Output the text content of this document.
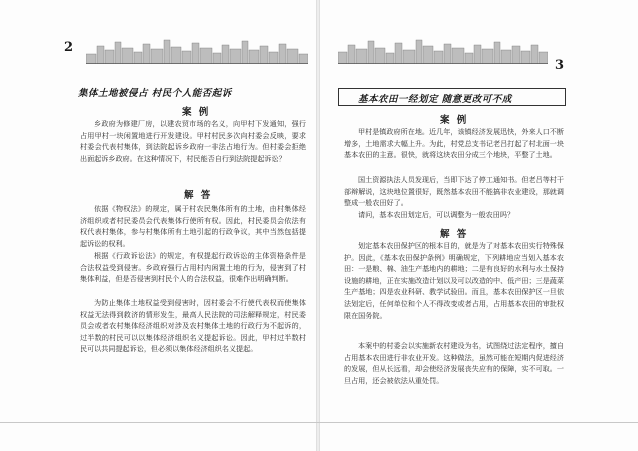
2
集体土地被侵占 村民个人能否起诉
案 例
乡政府为修建厂房，以建农贸市场的名义，向甲村下发通知，强行占用甲村一块闲置地进行开发建设。甲村村民多次向村委会反映，要求村委会代表村集体，到法院起诉乡政府一非法占地行为。但村委会拒绝出面起诉乡政府。在这种情况下，村民能否自行到法院提起诉讼？
解 答
依据《物权法》的规定，属于村农民集体所有的土地，由村集体经济组织或者村民委员会代表集体行使所有权。因此，村民委员会依法有权代表村集体，参与村集体所有土地引起的行政争议，其中当然包括提起诉讼的权利。
根据《行政诉讼法》的规定，有权提起行政诉讼的主体资格条件是合法权益受到侵害。乡政府强行占用村内闲置土地的行为，侵害到了村集体利益，但是否侵害到村民个人的合法权益，很难作出明确判断。
为防止集体土地权益受到侵害时，因村委会不行使代表权而使集体权益无法得到救济的情形发生，最高人民法院的司法解释规定，村民委员会或者农村集体经济组织对涉及农村集体土地的行政行为不起诉的，过半数的村民可以以集体经济组织名义提起诉讼。因此，甲村过半数村民可以共同提起诉讼，但必须以集体经济组织名义提起。
3
基本农田一经划定 随意更改可不成
案 例
甲村是镇政府所在地。近几年，该镇经济发展迅快，外来人口不断增多，土地需求大幅上升。为此，村党总支书记老吕打起了村北面一块基本农田的主意。很快，就将这块农田分成三个地块，平整了土地。
国土资源执法人员发现后，当即下达了停工通知书。但老吕等村干部辩解说，这块地位置很好，既然基本农田不能搞非农业建设，那就调整成一般农田好了。
请问，基本农田划定后，可以调整为一般农田吗？
解 答
划定基本农田保护区的根本目的，就是为了对基本农田实行特殊保护。因此，《基本农田保护条例》明确规定，下列耕地应当划入基本农田：一是粮、棉、油生产基地内的耕地；二是有良好的水利与水土保持设施的耕地，正在实施改造计划以及可以改造的中、低产田；三是蔬菜生产基地；四是农业科研、教学试验田。而且，基本农田保护区一旦依法划定后，任何单位和个人不得改变或者占用，占用基本农田的审批权限在国务院。
本案中的村委会以实施新农村建设为名，试图绕过法定程序，擅自占用基本农田进行非农业开发。这种做法，虽然可能在短期内促进经济的发展，但从长远看，却会使经济发展丧失应有的保障，实不可取。一旦占用，还会被依法从重处罚。
